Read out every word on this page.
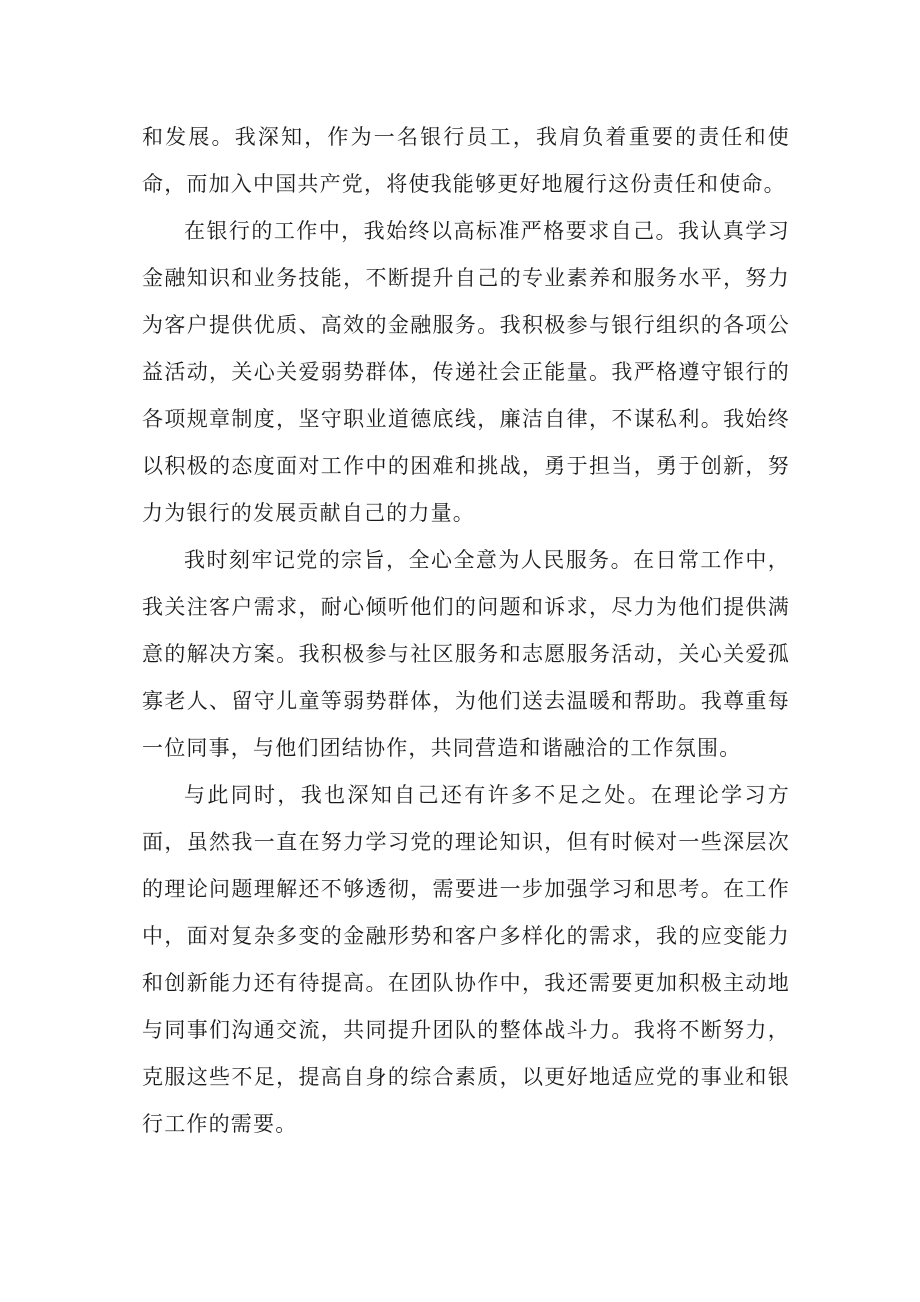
和发展。我深知，作为一名银行员工，我肩负着重要的责任和使命，而加入中国共产党，将使我能够更好地履行这份责任和使命。

在银行的工作中，我始终以高标准严格要求自己。我认真学习金融知识和业务技能，不断提升自己的专业素养和服务水平，努力为客户提供优质、高效的金融服务。我积极参与银行组织的各项公益活动，关心关爱弱势群体，传递社会正能量。我严格遵守银行的各项规章制度，坚守职业道德底线，廉洁自律，不谋私利。我始终以积极的态度面对工作中的困难和挑战，勇于担当，勇于创新，努力为银行的发展贡献自己的力量。

我时刻牢记党的宗旨，全心全意为人民服务。在日常工作中，我关注客户需求，耐心倾听他们的问题和诉求，尽力为他们提供满意的解决方案。我积极参与社区服务和志愿服务活动，关心关爱孤寡老人、留守儿童等弱势群体，为他们送去温暖和帮助。我尊重每一位同事，与他们团结协作，共同营造和谐融洽的工作氛围。

与此同时，我也深知自己还有许多不足之处。在理论学习方面，虽然我一直在努力学习党的理论知识，但有时候对一些深层次的理论问题理解还不够透彻，需要进一步加强学习和思考。在工作中，面对复杂多变的金融形势和客户多样化的需求，我的应变能力和创新能力还有待提高。在团队协作中，我还需要更加积极主动地与同事们沟通交流，共同提升团队的整体战斗力。我将不断努力，克服这些不足，提高自身的综合素质，以更好地适应党的事业和银行工作的需要。
